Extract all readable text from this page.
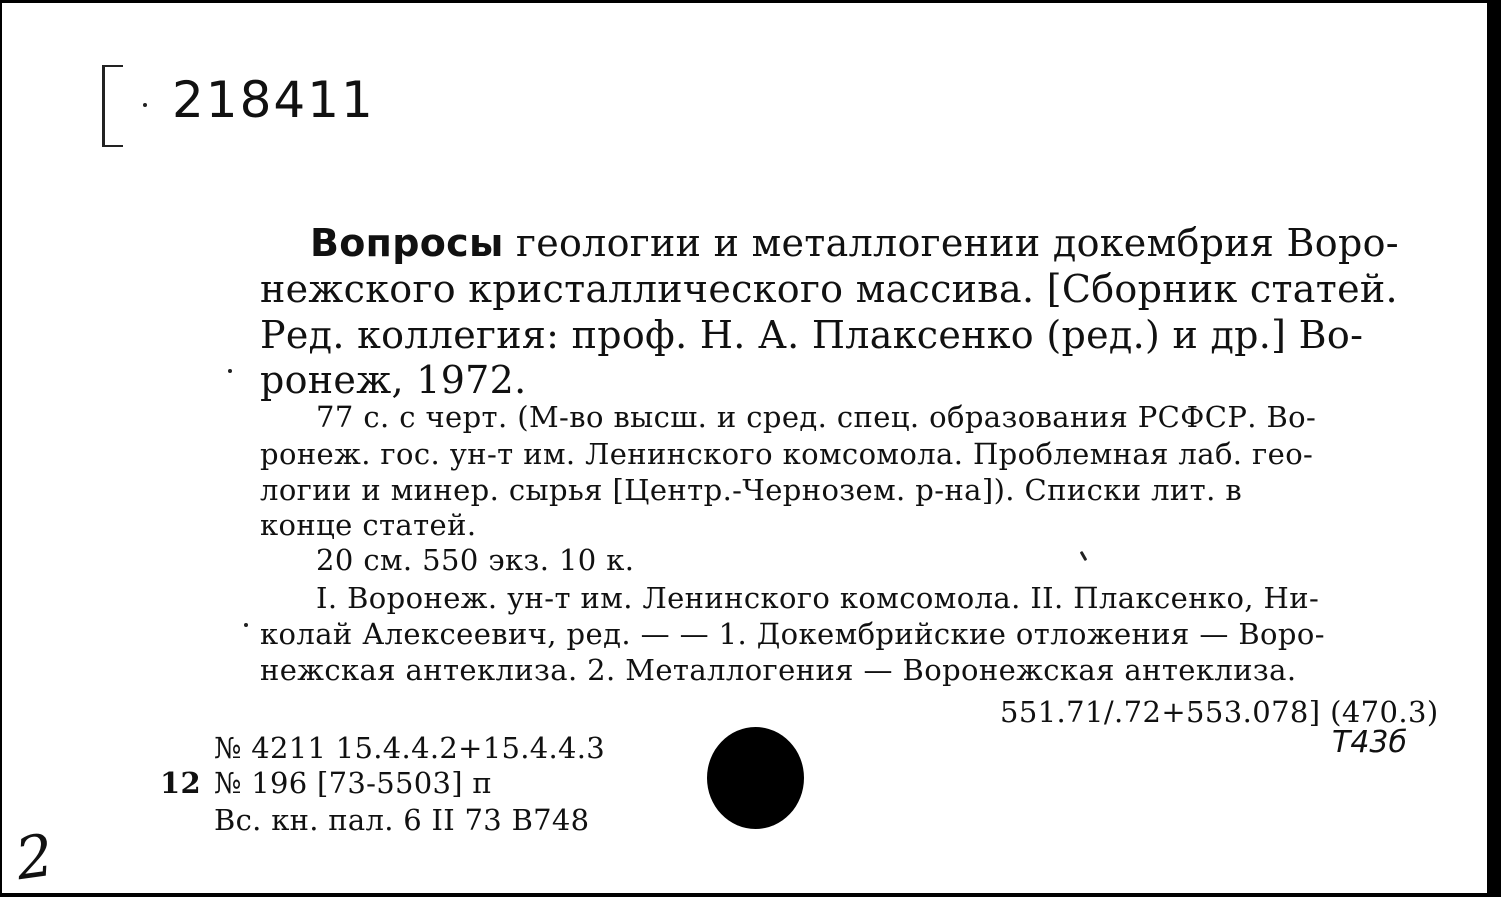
218411
Вопросы геологии и металлогении докембрия Воро-
нежского кристаллического массива. [Сборник статей.
Ред. коллегия: проф. Н. А. Плаксенко (ред.) и др.] Во-
ронеж, 1972.
77 с. с черт. (М-во высш. и сред. спец. образования РСФСР. Во-
ронеж. гос. ун-т им. Ленинского комсомола. Проблемная лаб. гео-
логии и минер. сырья [Центр.-Чернозем. р-на]). Списки лит. в
конце статей.
20 см. 550 экз. 10 к.
I. Воронеж. ун-т им. Ленинского комсомола. II. Плаксенко, Ни-
колай Алексеевич, ред. — — 1. Докембрийские отложения — Воро-
нежская антеклиза. 2. Металлогения — Воронежская антеклиза.
551.71/.72+553.078] (470.3)
Т43б
№ 4211 15.4.4.2+15.4.4.3
12 № 196 [73-5503] п
Вс. кн. пал. 6 II 73 В748
2
